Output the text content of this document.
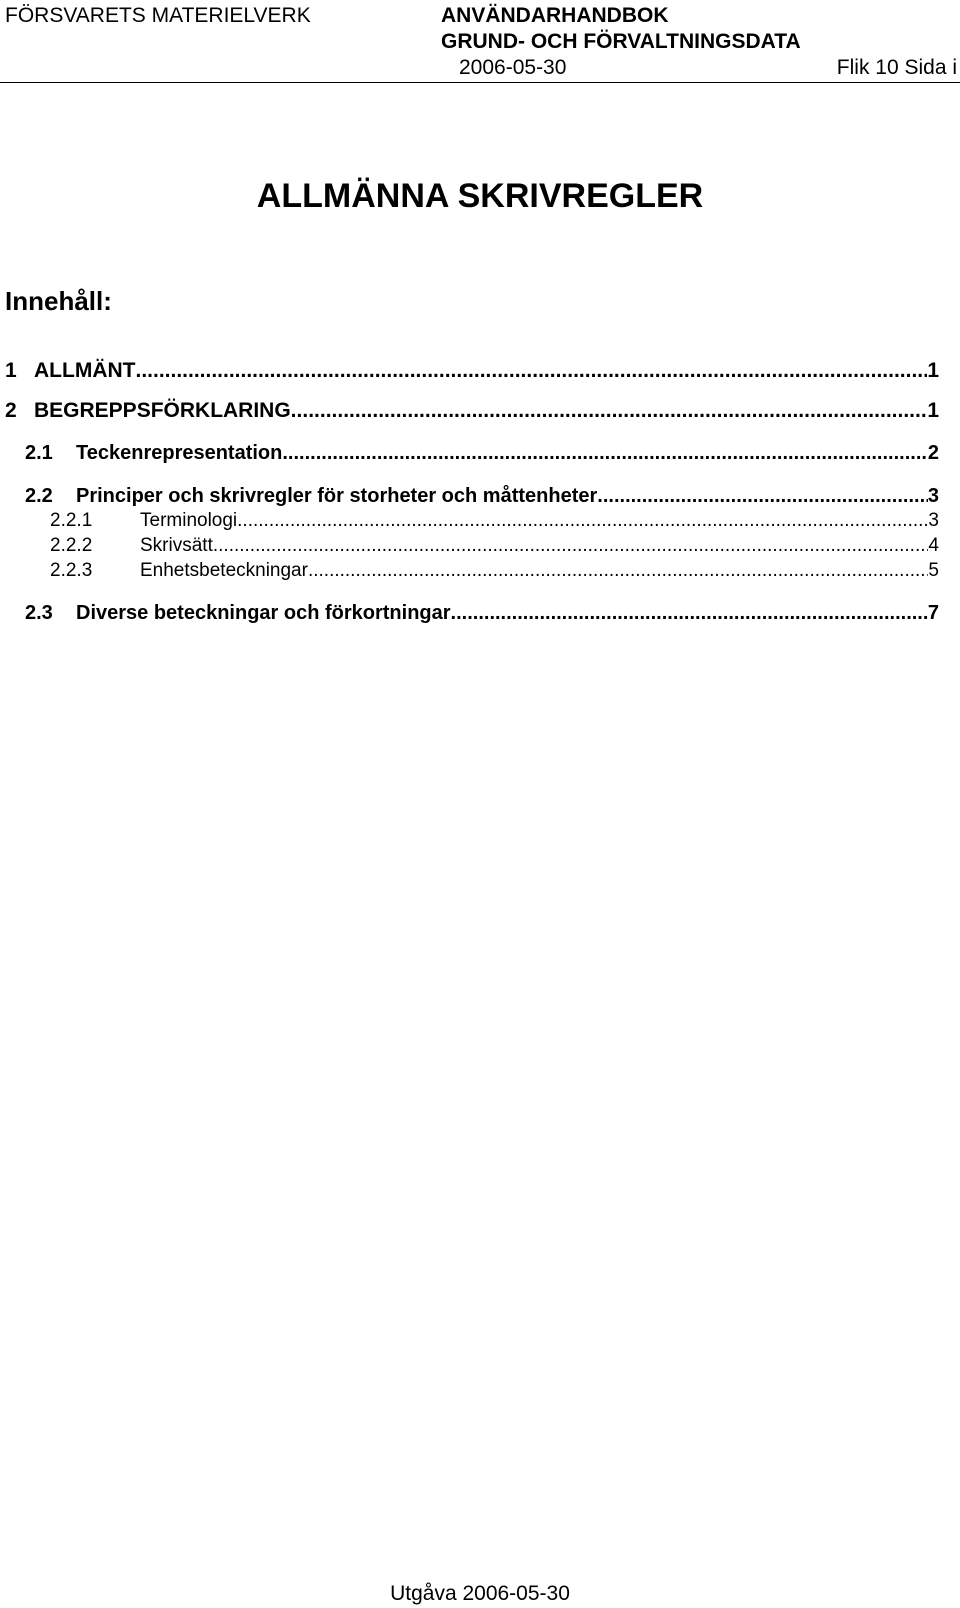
FÖRSVARETS MATERIELVERK	ANVÄNDARHANDBOK
GRUND- OCH FÖRVALTNINGSDATA
2006-05-30	Flik 10 Sida i
ALLMÄNNA SKRIVREGLER
Innehåll:
1 ALLMÄNT .....	1
2 BEGREPPSFÖRKLARING. .....	1
2.1	Teckenrepresentation .....	2
2.2	Principer och skrivregler för storheter och måttenheter .....	3
2.2.1	Terminologi .....	3
2.2.2	Skrivsätt .....	4
2.2.3	Enhetsbeteckningar .....	5
2.3	Diverse beteckningar och förkortningar .....	7
Utgåva 2006-05-30
